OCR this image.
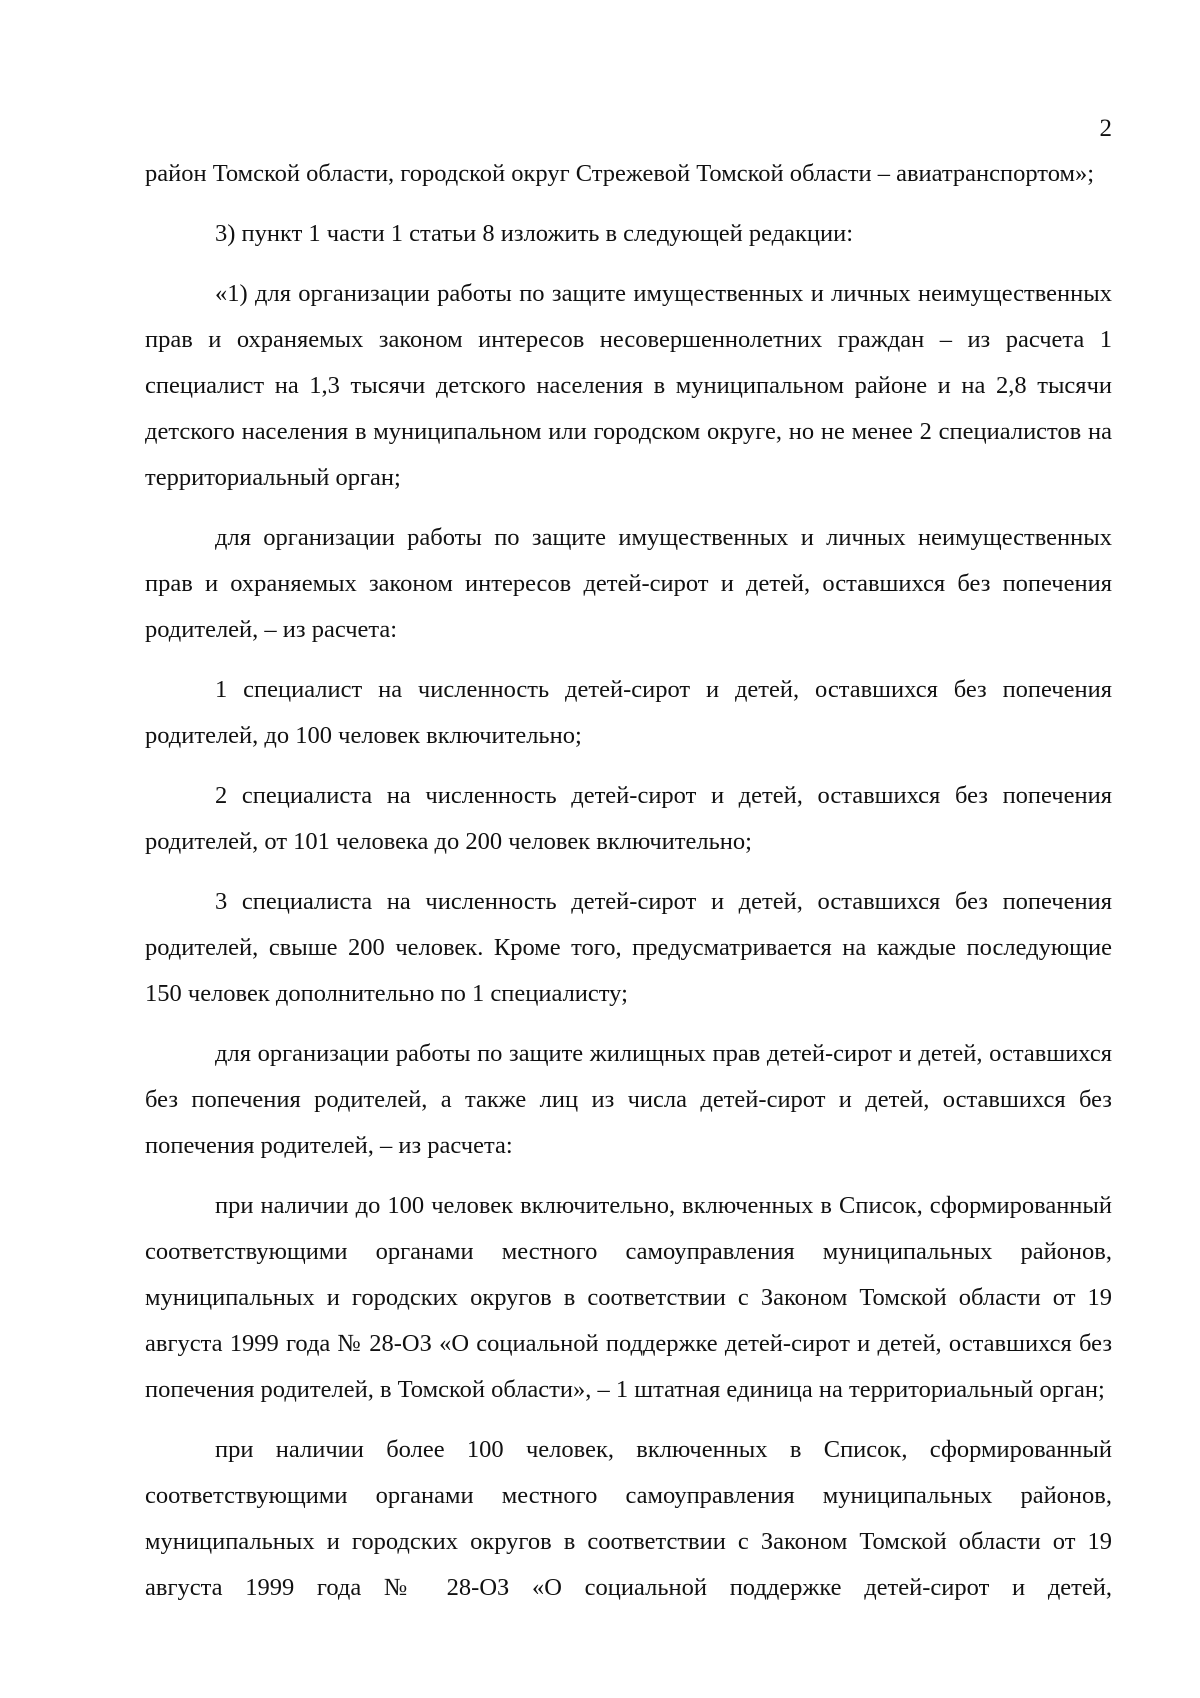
2

район Томской области, городской округ Стрежевой Томской области – авиатранспортом»;

3) пункт 1 части 1 статьи 8 изложить в следующей редакции:

«1) для организации работы по защите имущественных и личных неимущественных прав и охраняемых законом интересов несовершеннолетних граждан – из расчета 1 специалист на 1,3 тысячи детского населения в муниципальном районе и на 2,8 тысячи детского населения в муниципальном или городском округе, но не менее 2 специалистов на территориальный орган;

для организации работы по защите имущественных и личных неимущественных прав и охраняемых законом интересов детей-сирот и детей, оставшихся без попечения родителей, – из расчета:

1 специалист на численность детей-сирот и детей, оставшихся без попечения родителей, до 100 человек включительно;

2 специалиста на численность детей-сирот и детей, оставшихся без попечения родителей, от 101 человека до 200 человек включительно;

3 специалиста на численность детей-сирот и детей, оставшихся без попечения родителей, свыше 200 человек. Кроме того, предусматривается на каждые последующие 150 человек дополнительно по 1 специалисту;

для организации работы по защите жилищных прав детей-сирот и детей, оставшихся без попечения родителей, а также лиц из числа детей-сирот и детей, оставшихся без попечения родителей, – из расчета:

при наличии до 100 человек включительно, включенных в Список, сформированный соответствующими органами местного самоуправления муниципальных районов, муниципальных и городских округов в соответствии с Законом Томской области от 19 августа 1999 года № 28-ОЗ «О социальной поддержке детей-сирот и детей, оставшихся без попечения родителей, в Томской области», – 1 штатная единица на территориальный орган;

при наличии более 100 человек, включенных в Список, сформированный соответствующими органами местного самоуправления муниципальных районов, муниципальных и городских округов в соответствии с Законом Томской области от 19 августа 1999 года № 28-ОЗ «О социальной поддержке детей-сирот и детей,
